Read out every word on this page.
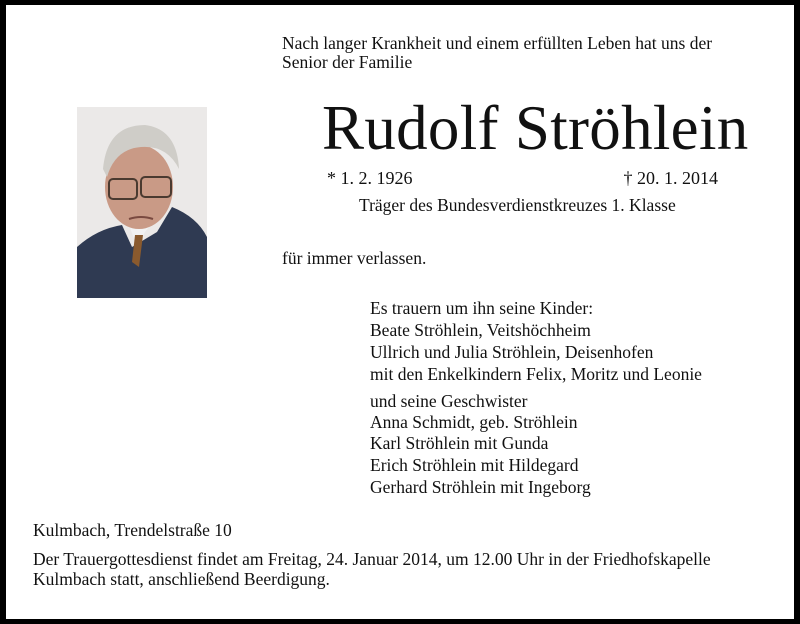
Nach langer Krankheit und einem erfüllten Leben hat uns der
Senior der Familie
Rudolf Ströhlein
* 1. 2. 1926	† 20. 1. 2014
Träger des Bundesverdienstkreuzes 1. Klasse
für immer verlassen.
Es trauern um ihn seine Kinder:
Beate Ströhlein, Veitshöchheim
Ullrich und Julia Ströhlein, Deisenhofen
mit den Enkelkindern Felix, Moritz und Leonie
und seine Geschwister
Anna Schmidt, geb. Ströhlein
Karl Ströhlein mit Gunda
Erich Ströhlein mit Hildegard
Gerhard Ströhlein mit Ingeborg
Kulmbach, Trendelstraße 10
Der Trauergottesdienst findet am Freitag, 24. Januar 2014, um 12.00 Uhr in der Friedhofskapelle
Kulmbach statt, anschließend Beerdigung.
